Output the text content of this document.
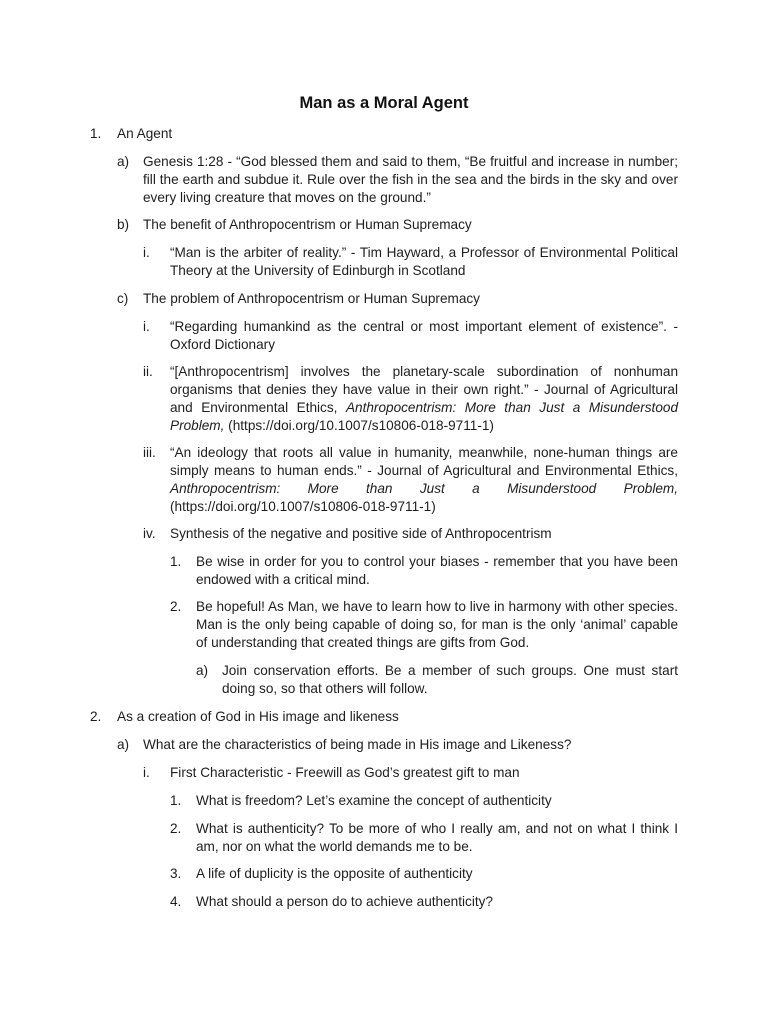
Man as a Moral Agent
1. An Agent
a) Genesis 1:28 - “God blessed them and said to them, “Be fruitful and increase in number; fill the earth and subdue it. Rule over the fish in the sea and the birds in the sky and over every living creature that moves on the ground.”
b) The benefit of Anthropocentrism or Human Supremacy
i. “Man is the arbiter of reality.” - Tim Hayward, a Professor of Environmental Political Theory at the University of Edinburgh in Scotland
c) The problem of Anthropocentrism or Human Supremacy
i. “Regarding humankind as the central or most important element of existence”. - Oxford Dictionary
ii. “[Anthropocentrism] involves the planetary-scale subordination of nonhuman organisms that denies they have value in their own right.” - Journal of Agricultural and Environmental Ethics, Anthropocentrism: More than Just a Misunderstood Problem, (https://doi.org/10.1007/s10806-018-9711-1)
iii. “An ideology that roots all value in humanity, meanwhile, none-human things are simply means to human ends.” - Journal of Agricultural and Environmental Ethics,
Anthropocentrism: More than Just a Misunderstood Problem,
(https://doi.org/10.1007/s10806-018-9711-1)
iv. Synthesis of the negative and positive side of Anthropocentrism
1. Be wise in order for you to control your biases - remember that you have been endowed with a critical mind.
2. Be hopeful! As Man, we have to learn how to live in harmony with other species. Man is the only being capable of doing so, for man is the only ‘animal’ capable of understanding that created things are gifts from God.
a) Join conservation efforts. Be a member of such groups. One must start doing so, so that others will follow.
2. As a creation of God in His image and likeness
a) What are the characteristics of being made in His image and Likeness?
i. First Characteristic - Freewill as God’s greatest gift to man
1. What is freedom? Let’s examine the concept of authenticity
2. What is authenticity? To be more of who I really am, and not on what I think I am, nor on what the world demands me to be.
3. A life of duplicity is the opposite of authenticity
4. What should a person do to achieve authenticity?
